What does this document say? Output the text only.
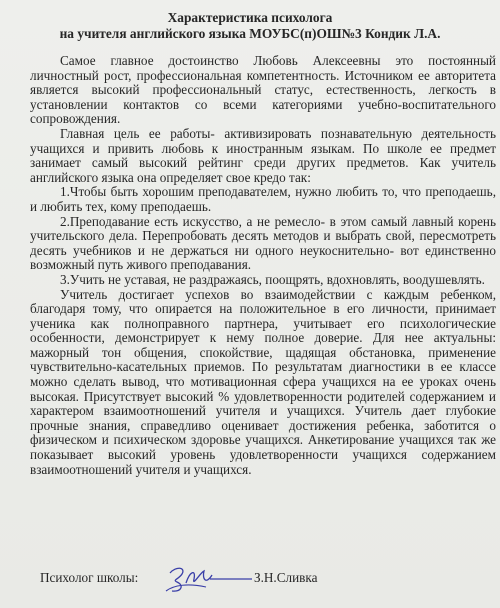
Характеристика психолога
на учителя английского языка МОУБС(п)ОШ№3 Кондик Л.А.

Самое главное достоинство Любовь Алексеевны это постоянный личностный рост, профессиональная компетентность. Источником ее авторитета является высокий профессиональный статус, естественность, легкость в установлении контактов со всеми категориями учебно-воспитательного сопровождения.

Главная цель ее работы- активизировать познавательную деятельность учащихся и привить любовь к иностранным языкам. По школе ее предмет занимает самый высокий рейтинг среди других предметов. Как учитель английского языка она определяет свое кредо так:

1.Чтобы быть хорошим преподавателем, нужно любить то, что преподаешь, и любить тех, кому преподаешь.

2.Преподавание есть искусство, а не ремесло- в этом самый лавный корень учительского дела. Перепробовать десять методов и выбрать свой, пересмотреть десять учебников и не держаться ни одного неукоснительно- вот единственно возможный путь живого преподавания.

3.Учить не уставая, не раздражаясь, поощрять, вдохновлять, воодушевлять.

Учитель достигает успехов во взаимодействии с каждым ребенком, благодаря тому, что опирается на положительное в его личности, принимает ученика как полноправного партнера, учитывает его психологические особенности, демонстрирует к нему полное доверие. Для нее актуальны: мажорный тон общения, спокойствие, щадящая обстановка, применение чувствительно-касательных приемов. По результатам диагностики в ее классе можно сделать вывод, что мотивационная сфера учащихся на ее уроках очень высокая. Присутствует высокий % удовлетворенности родителей содержанием и характером взаимоотношений учителя и учащихся. Учитель дает глубокие прочные знания, справедливо оценивает достижения ребенка, заботится о физическом и психическом здоровье учащихся. Анкетирование учащихся так же показывает высокий уровень удовлетворенности учащихся содержанием взаимоотношений учителя и учащихся.

Психолог школы:	З.Н.Сливка
